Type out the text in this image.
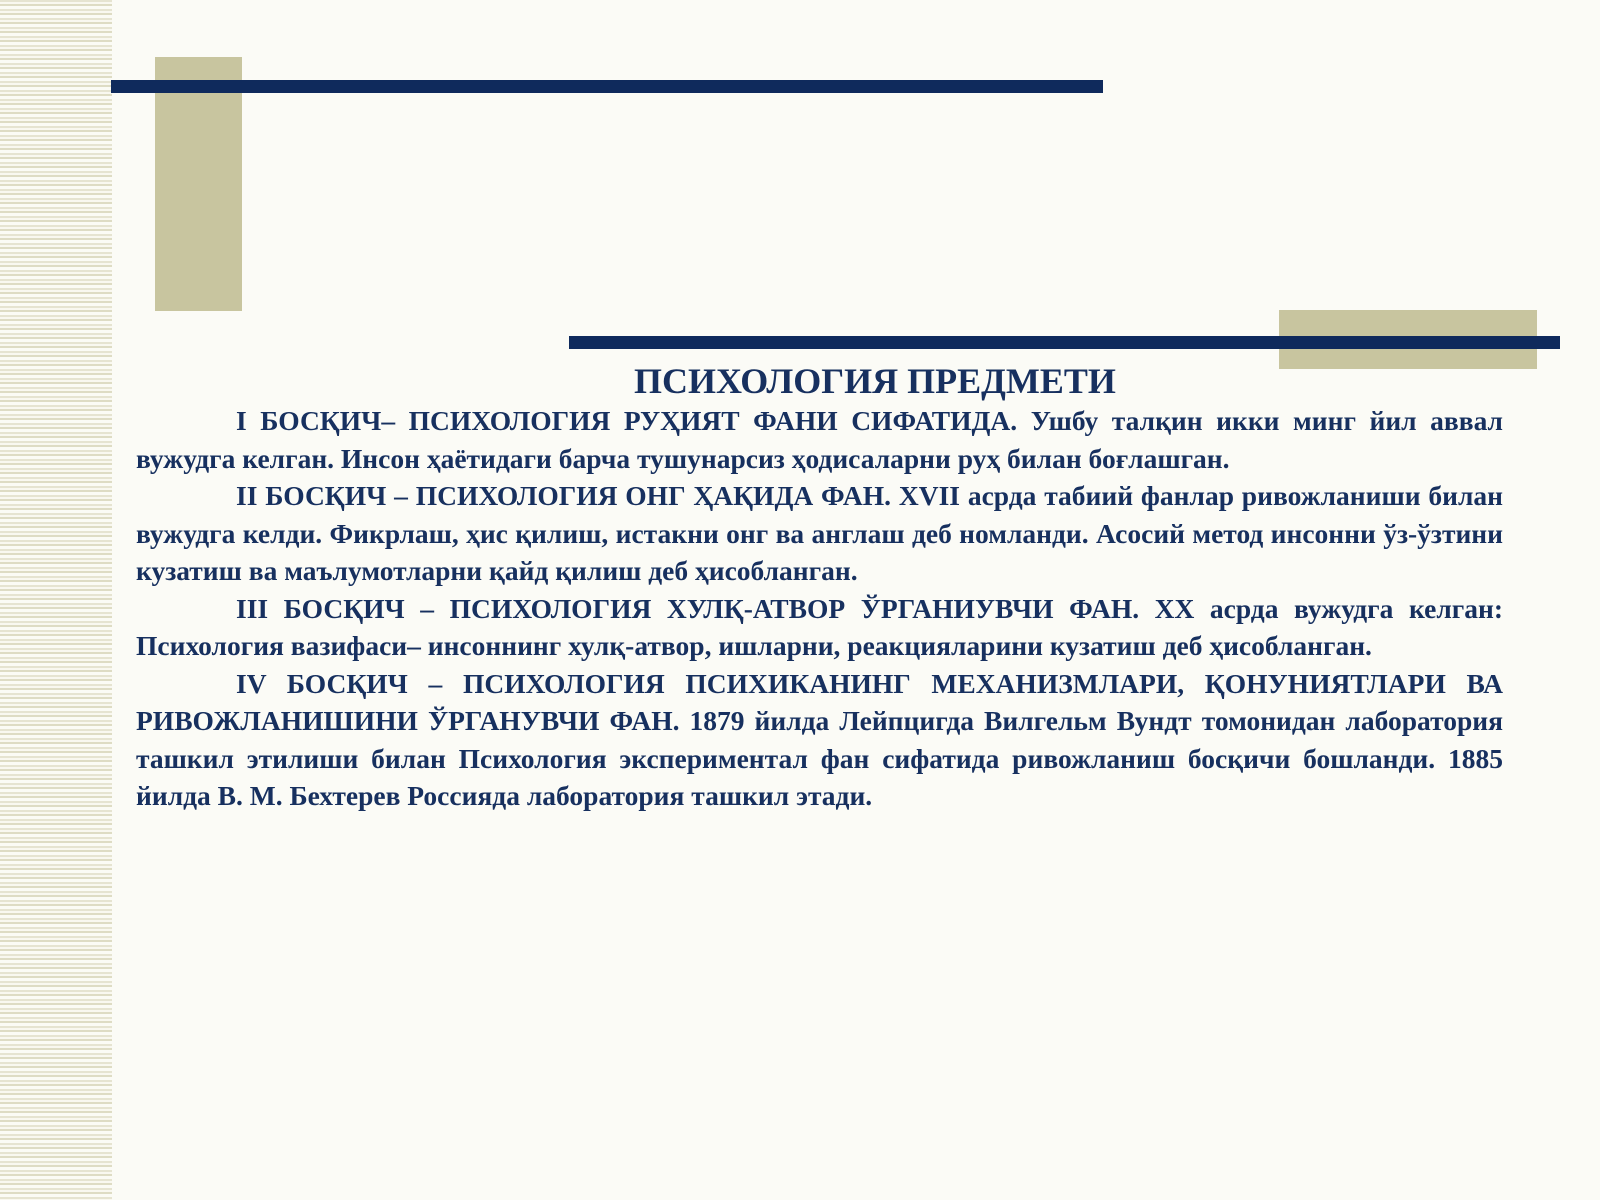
ПСИХОЛОГИЯ ПРЕДМЕТИ

I БОСҚИЧ– ПСИХОЛОГИЯ РУҲИЯТ ФАНИ СИФАТИДА. Ушбу талқин икки минг йил аввал вужудга келган. Инсон ҳаётидаги барча тушунарсиз ҳодисаларни руҳ билан боғлашган.

II БОСҚИЧ – ПСИХОЛОГИЯ ОНГ ҲАҚИДА ФАН. XVII асрда табиий фанлар ривожланиши билан вужудга келди. Фикрлаш, ҳис қилиш, истакни онг ва англаш деб номланди. Асосий метод инсонни ўз-ўзтини кузатиш ва маълумотларни қайд қилиш деб ҳисобланган.

III БОСҚИЧ – ПСИХОЛОГИЯ ХУЛҚ-АТВОР ЎРГАНИУВЧИ ФАН. XX асрда вужудга келган: Психология вазифаси– инсоннинг хулқ-атвор, ишларни, реакцияларини кузатиш деб ҳисобланган.

IV БОСҚИЧ – ПСИХОЛОГИЯ ПСИХИКАНИНГ МЕХАНИЗМЛАРИ, ҚОНУНИЯТЛАРИ ВА РИВОЖЛАНИШИНИ ЎРГАНУВЧИ ФАН. 1879 йилда Лейпцигда Вилгельм Вундт томонидан лаборатория ташкил этилиши билан Психология экспериментал фан сифатида ривожланиш босқичи бошланди. 1885 йилда В. М. Бехтерев Россияда лаборатория ташкил этади.
